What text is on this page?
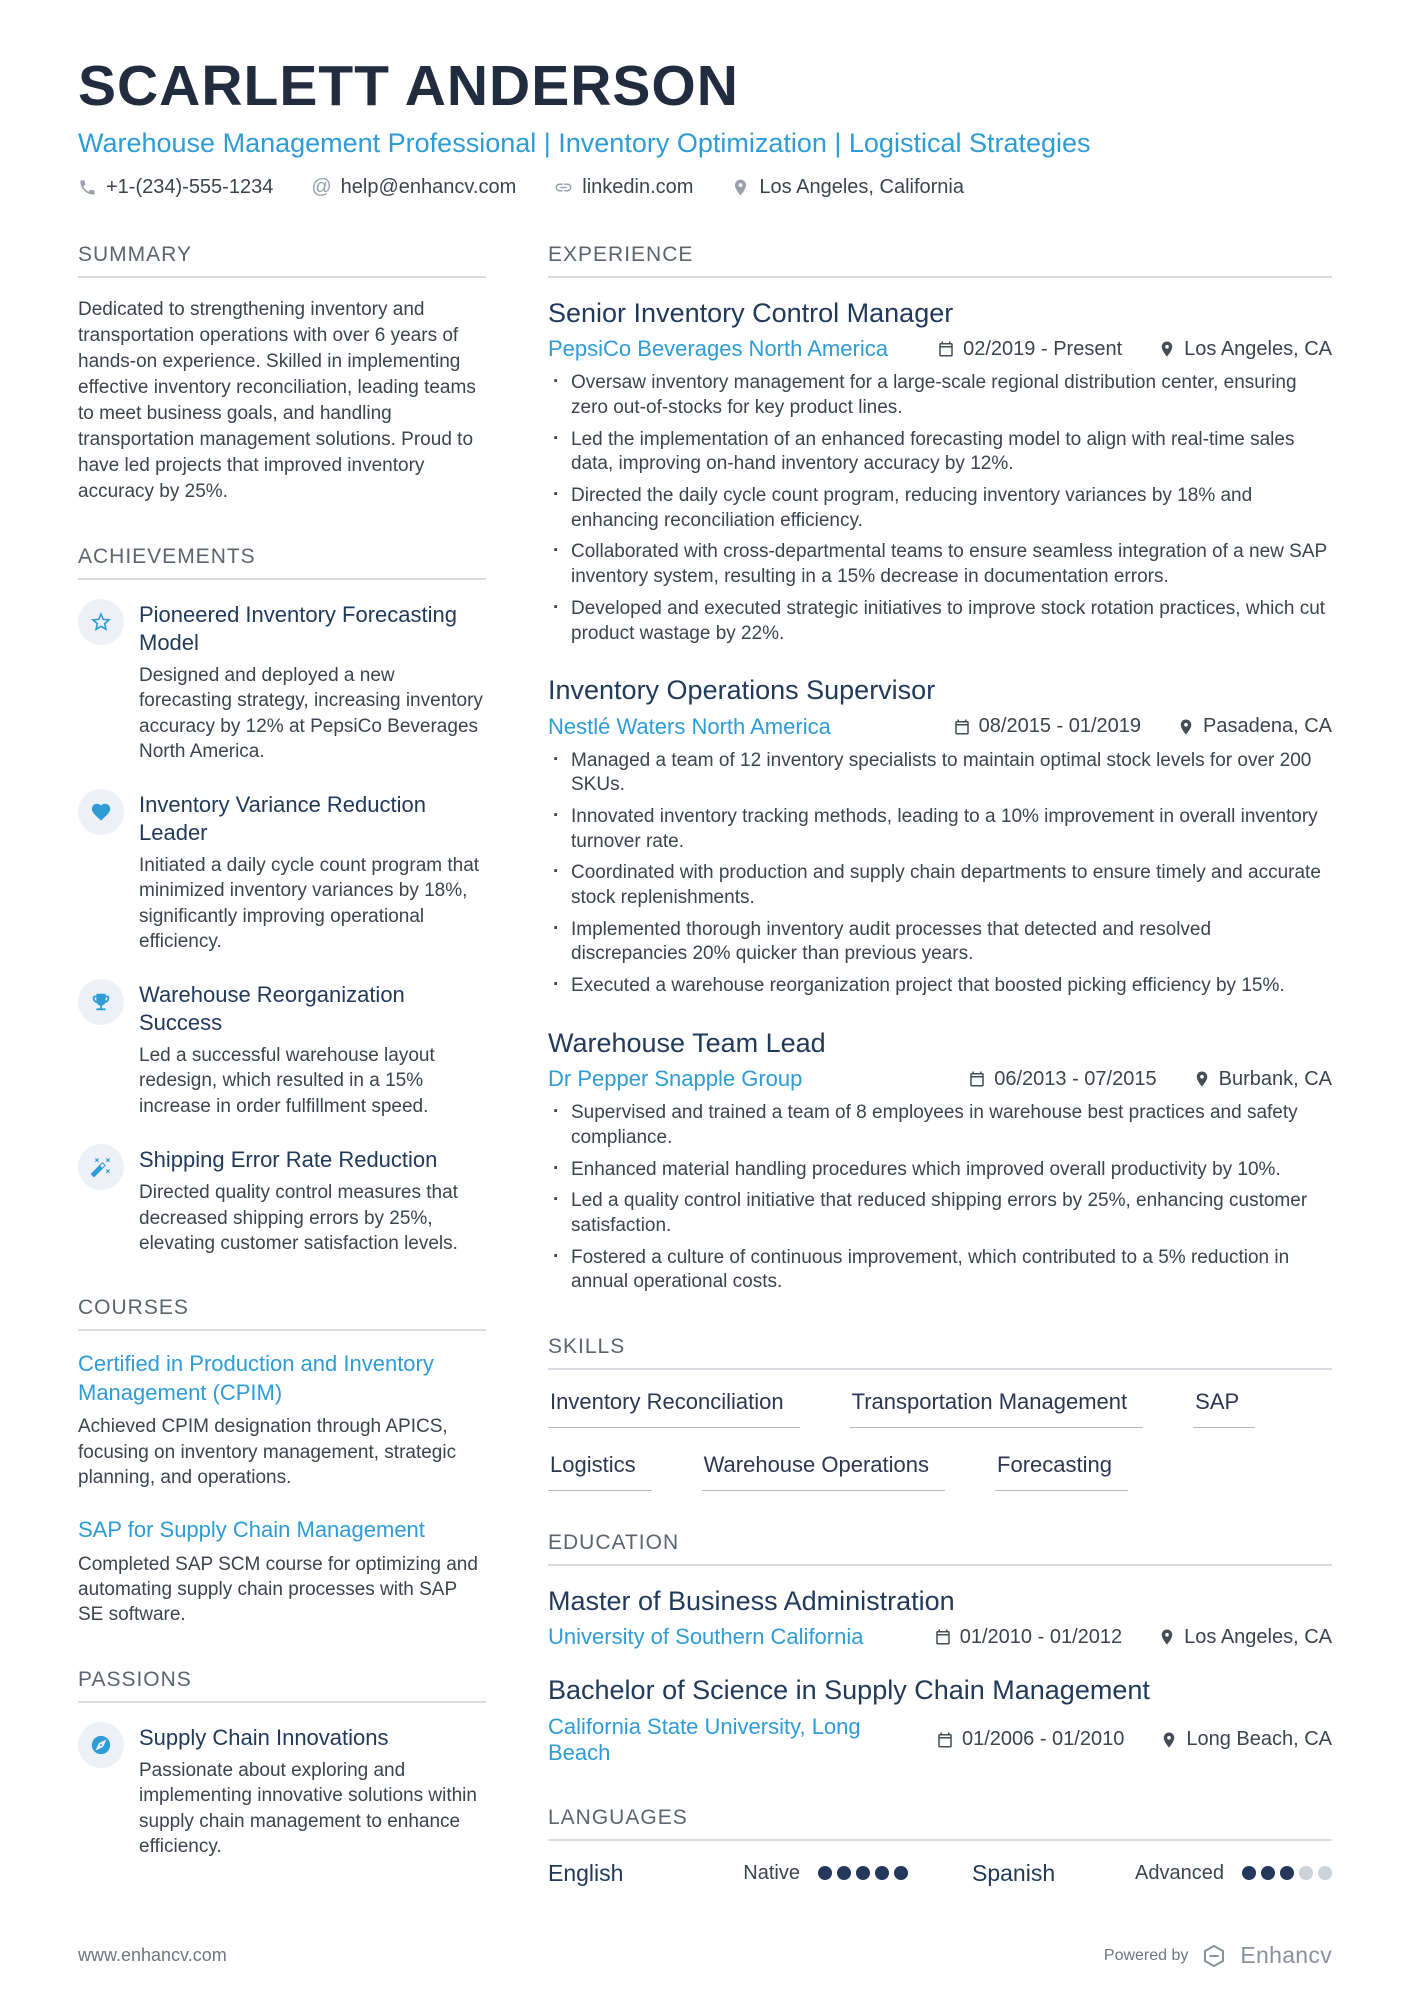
SCARLETT ANDERSON
Warehouse Management Professional | Inventory Optimization | Logistical Strategies
+1-(234)-555-1234 @ help@enhancv.com	linkedin.com	Los Angeles, California
SUMMARY

Dedicated to strengthening inventory and transportation operations with over 6 years of hands-on experience. Skilled in implementing effective inventory reconciliation, leading teams to meet business goals, and handling transportation management solutions. Proud to have led projects that improved inventory accuracy by 25%.

ACHIEVEMENTS
Pioneered Inventory Forecasting Model

Designed and deployed a new forecasting strategy, increasing inventory accuracy by 12% at PepsiCo Beverages North America.

Inventory Variance Reduction Leader

Initiated a daily cycle count program that minimized inventory variances by 18%, significantly improving operational efficiency.

Warehouse Reorganization Success

Led a successful warehouse layout redesign, which resulted in a 15% increase in order fulfillment speed.

Shipping Error Rate Reduction

Directed quality control measures that decreased shipping errors by 25%, elevating customer satisfaction levels.

COURSES
Certified in Production and Inventory Management (CPIM)

Achieved CPIM designation through APICS, focusing on inventory management, strategic planning, and operations.

SAP for Supply Chain Management

Completed SAP SCM course for optimizing and automating supply chain processes with SAP SE software.

PASSIONS
Supply Chain Innovations

Passionate about exploring and implementing innovative solutions within supply chain management to enhance efficiency.

EXPERIENCE
Senior Inventory Control Manager
PepsiCo Beverages North America	02/2019 - Present	Los Angeles, CA
· Oversaw inventory management for a large-scale regional distribution center, ensuring zero out-of-stocks for key product lines.
· Led the implementation of an enhanced forecasting model to align with real-time sales data, improving on-hand inventory accuracy by 12%.
· Directed the daily cycle count program, reducing inventory variances by 18% and enhancing reconciliation efficiency.
· Collaborated with cross-departmental teams to ensure seamless integration of a new SAP inventory system, resulting in a 15% decrease in documentation errors.
· Developed and executed strategic initiatives to improve stock rotation practices, which cut product wastage by 22%.
Inventory Operations Supervisor
Nestlé Waters North America	08/2015 - 01/2019	Pasadena, CA
· Managed a team of 12 inventory specialists to maintain optimal stock levels for over 200 SKUs.
· Innovated inventory tracking methods, leading to a 10% improvement in overall inventory turnover rate.
· Coordinated with production and supply chain departments to ensure timely and accurate stock replenishments.
· Implemented thorough inventory audit processes that detected and resolved discrepancies 20% quicker than previous years.
· Executed a warehouse reorganization project that boosted picking efficiency by 15%.
Warehouse Team Lead
Dr Pepper Snapple Group	06/2013 - 07/2015	Burbank, CA
· Supervised and trained a team of 8 employees in warehouse best practices and safety compliance.
· Enhanced material handling procedures which improved overall productivity by 10%.
· Led a quality control initiative that reduced shipping errors by 25%, enhancing customer satisfaction.
· Fostered a culture of continuous improvement, which contributed to a 5% reduction in annual operational costs.
SKILLS
Inventory Reconciliation	Transportation Management	SAP
Logistics	Warehouse Operations	Forecasting
EDUCATION
Master of Business Administration
University of Southern California	01/2010 - 01/2012	Los Angeles, CA
Bachelor of Science in Supply Chain Management
California State University, Long Beach
01/2006 - 01/2010	Long Beach, CA
LANGUAGES
English	Native	Spanish	Advanced
www.enhancv.com	Powered by Enhancv
